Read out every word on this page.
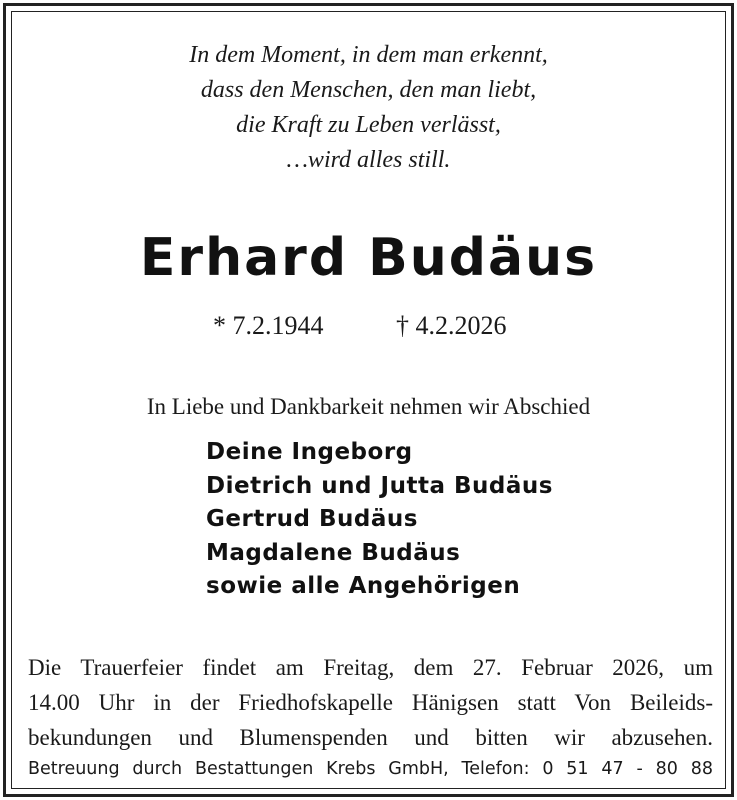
In dem Moment, in dem man erkennt,
dass den Menschen, den man liebt,
die Kraft zu Leben verlässt,
…wird alles still.
Erhard Budäus
* 7.2.1944	† 4.2.2026
In Liebe und Dankbarkeit nehmen wir Abschied
Deine Ingeborg
Dietrich und Jutta Budäus
Gertrud Budäus
Magdalene Budäus
sowie alle Angehörigen
Die Trauerfeier findet am Freitag, dem 27. Februar 2026, um
14.00 Uhr in der Friedhofskapelle Hänigsen statt Von Beileids-
bekundungen und Blumenspenden und bitten wir abzusehen.
Betreuung durch Bestattungen Krebs GmbH, Telefon: 0 51 47 - 80 88
